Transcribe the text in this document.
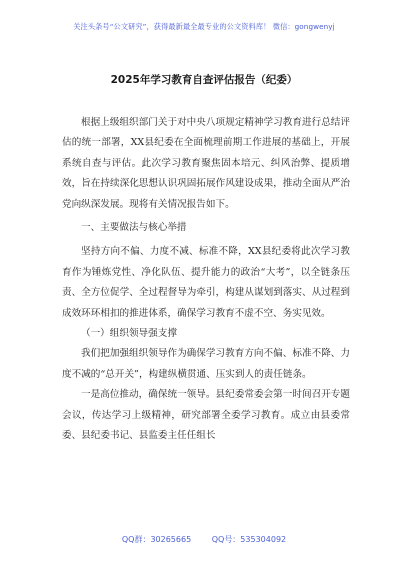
关注头条号“公文研究”，获得最新最全最专业的公文资料库！ 微信：gongwenyj
2025年学习教育自查评估报告（纪委）

根据上级组织部门关于对中央八项规定精神学习教育进行总结评估的统一部署，XX县纪委在全面梳理前期工作进展的基础上，开展系统自查与评估。此次学习教育聚焦固本培元、纠风治弊、提质增效，旨在持续深化思想认识巩固拓展作风建设成果，推动全面从严治党向纵深发展。现将有关情况报告如下。

一、主要做法与核心举措

坚持方向不偏、力度不减、标准不降，XX县纪委将此次学习教育作为锤炼党性、净化队伍、提升能力的政治“大考”，以全链条压责、全方位促学、全过程督导为牵引，构建从谋划到落实、从过程到成效环环相扣的推进体系，确保学习教育不虚不空、务实见效。

（一）组织领导强支撑

我们把加强组织领导作为确保学习教育方向不偏、标准不降、力度不减的“总开关”，构建纵横贯通、压实到人的责任链条。

一是高位推动，确保统一领导。县纪委常委会第一时间召开专题会议，传达学习上级精神，研究部署全委学习教育。成立由县委常委、县纪委书记、县监委主任任组长

QQ群：30265665	QQ号：535304092
